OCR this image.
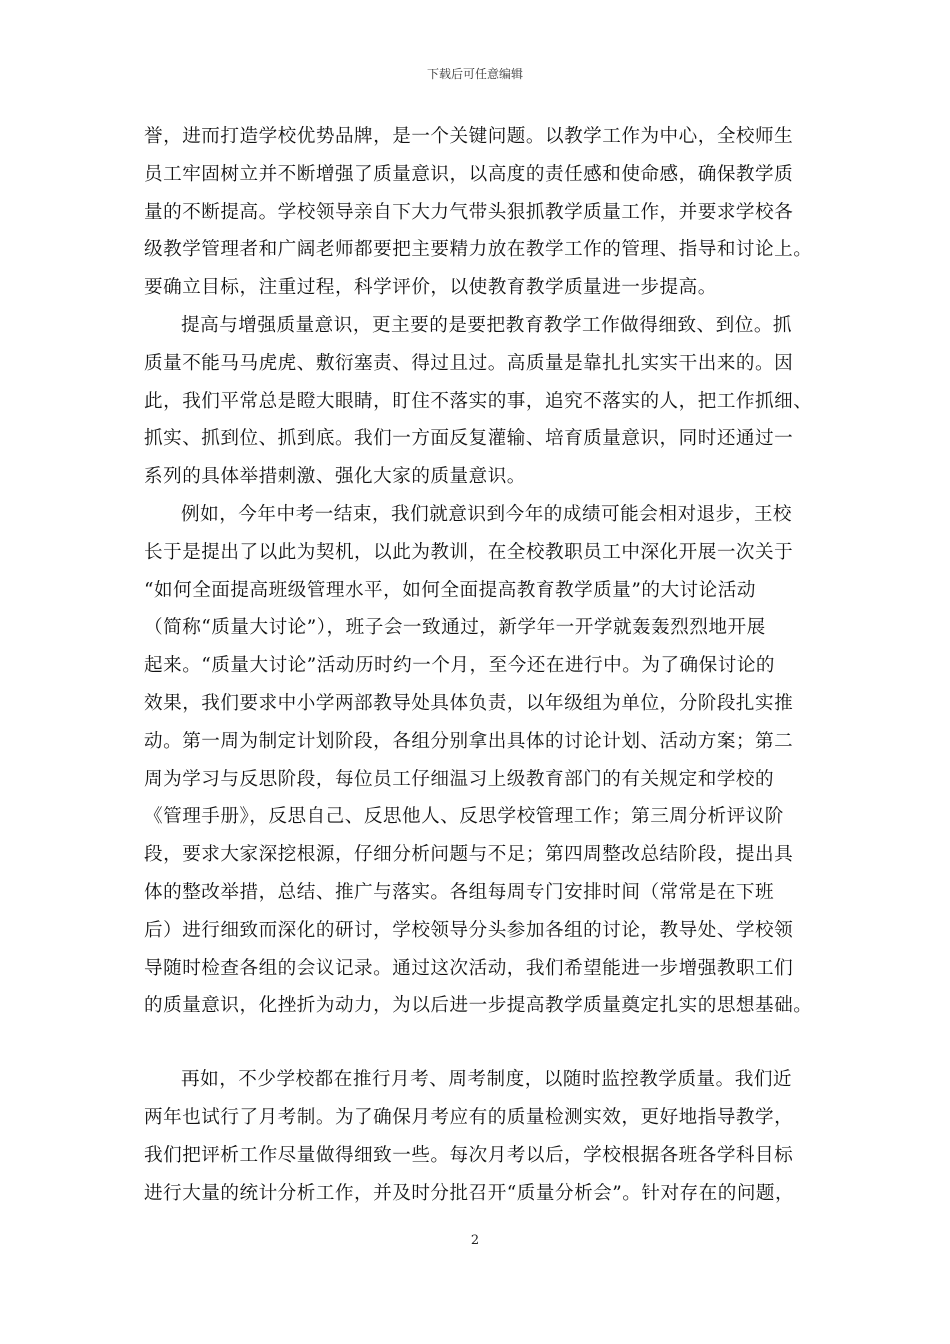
下载后可任意编辑
誉，进而打造学校优势品牌，是一个关键问题。以教学工作为中心，全校师生
员工牢固树立并不断增强了质量意识，以高度的责任感和使命感，确保教学质
量的不断提高。学校领导亲自下大力气带头狠抓教学质量工作，并要求学校各
级教学管理者和广阔老师都要把主要精力放在教学工作的管理、指导和讨论上。
要确立目标，注重过程，科学评价，以使教育教学质量进一步提高。
提高与增强质量意识，更主要的是要把教育教学工作做得细致、到位。抓
质量不能马马虎虎、敷衍塞责、得过且过。高质量是靠扎扎实实干出来的。因
此，我们平常总是瞪大眼睛，盯住不落实的事，追究不落实的人，把工作抓细、
抓实、抓到位、抓到底。我们一方面反复灌输、培育质量意识，同时还通过一
系列的具体举措刺激、强化大家的质量意识。
例如，今年中考一结束，我们就意识到今年的成绩可能会相对退步，王校
长于是提出了以此为契机，以此为教训，在全校教职员工中深化开展一次关于
“如何全面提高班级管理水平，如何全面提高教育教学质量”的大讨论活动
（简称“质量大讨论”），班子会一致通过，新学年一开学就轰轰烈烈地开展
起来。“质量大讨论”活动历时约一个月，至今还在进行中。为了确保讨论的
效果，我们要求中小学两部教导处具体负责，以年级组为单位，分阶段扎实推
动。第一周为制定计划阶段，各组分别拿出具体的讨论计划、活动方案；第二
周为学习与反思阶段，每位员工仔细温习上级教育部门的有关规定和学校的
《管理手册》，反思自己、反思他人、反思学校管理工作；第三周分析评议阶
段，要求大家深挖根源，仔细分析问题与不足；第四周整改总结阶段，提出具
体的整改举措，总结、推广与落实。各组每周专门安排时间（常常是在下班
后）进行细致而深化的研讨，学校领导分头参加各组的讨论，教导处、学校领
导随时检查各组的会议记录。通过这次活动，我们希望能进一步增强教职工们
的质量意识，化挫折为动力，为以后进一步提高教学质量奠定扎实的思想基础。
再如，不少学校都在推行月考、周考制度，以随时监控教学质量。我们近
两年也试行了月考制。为了确保月考应有的质量检测实效，更好地指导教学，
我们把评析工作尽量做得细致一些。每次月考以后，学校根据各班各学科目标
进行大量的统计分析工作，并及时分批召开“质量分析会”。针对存在的问题，
2
